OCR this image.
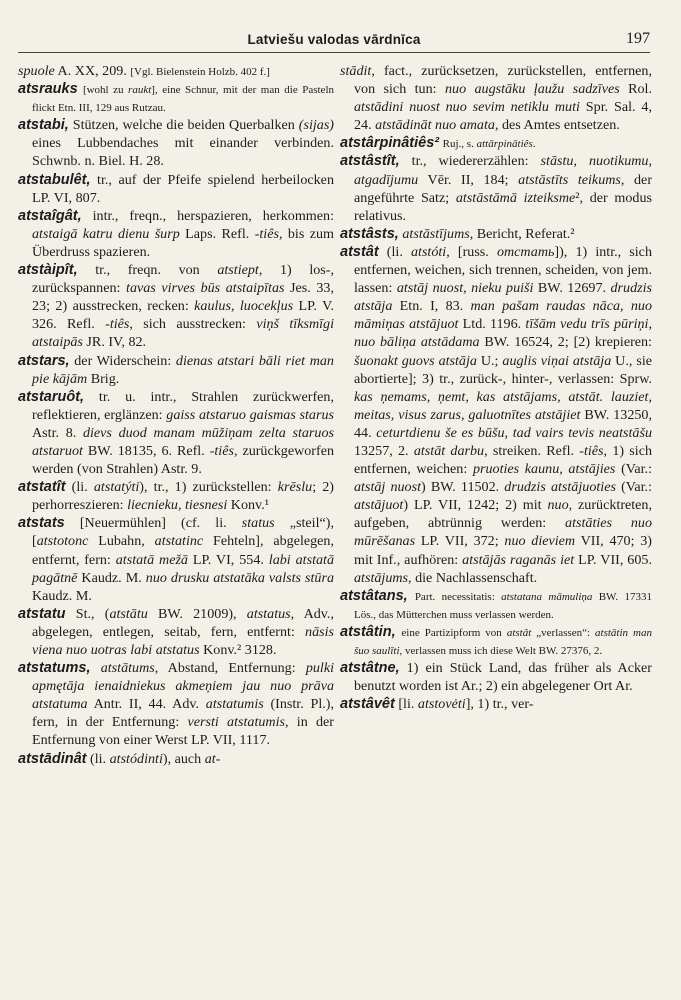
Latviešu valodas vārdnīca	197
spuole A. XX, 209. [Vgl. Bielenstein Holzb. 402 f.]
atsrauks [wohl zu raukt], eine Schnur, mit der man die Pasteln flickt Etn. III, 129 aus Rutzau.
atstabi, Stützen, welche die beiden Querbalken (sijas) eines Lubbendaches mit einander verbinden. Schwnb. n. Biel. H. 28.
atstabulêt, tr., auf der Pfeife spielend herbeilocken LP. VI, 807.
atstaîgât, intr., freqn., herspazieren, herkommen: atstaigā katru dienu šurp Laps. Refl. -tiês, bis zum Überdruss spazieren.
atstàipît, tr., freqn. von atstiept, 1) los-, zurückspannen: tavas virves būs atstaipītas Jes. 33, 23; 2) ausstrecken, recken: kaulus, luocekļus LP. V. 326. Refl. -tiês, sich ausstrecken: viņš tīksmīgi atstaipās JR. IV, 82.
atstars, der Widerschein: dienas atstari bāli riet man pie kājām Brig.
atstaruôt, tr. u. intr., Strahlen zurückwerfen, reflektieren, erglänzen: gaiss atstaruo gaismas starus Astr. 8. dievs duod manam mūžiņam zelta staruos atstaruot BW. 18135, 6. Refl. -tiês, zurückgeworfen werden (von Strahlen) Astr. 9.
atstatît (li. atstatýti), tr., 1) zurückstellen: krēslu; 2) perhorreszieren: liecnieku, tiesnesi Konv.¹
atstats [Neuermühlen] (cf. li. status „steil“), [atstotonc Lubahn, atstatinc Fehteln], abgelegen, entfernt, fern: atstatā mežā LP. VI, 554. labi atstatā pagātnē Kaudz. M. nuo drusku atstatāka valsts stūra Kaudz. M.
atstatu St., (atstātu BW. 21009), atstatus, Adv., abgelegen, entlegen, seitab, fern, entfernt: nāsis viena nuo uotras labi atstatus Konv.² 3128.
atstatums, atstātums, Abstand, Entfernung: pulki apmętāja ienaidniekus akmeņiem jau nuo prāva atstatuma Antr. II, 44. Adv. atstatumis (Instr. Pl.), fern, in der Entfernung: versti atstatumis, in der Entfernung von einer Werst LP. VII, 1117.
atstādinât (li. atstódinti), auch at-
stādit, fact., zurücksetzen, zurückstellen, entfernen, von sich tun: nuo augstāku ļaužu sadzīves Rol. atstādini nuost nuo sevim netiklu muti Spr. Sal. 4, 24. atstādināt nuo amata, des Amtes entsetzen.
atstârpinâtiês² Ruj., s. attārpinātiês.
atstâstît, tr., wiedererzählen: stāstu, nuotikumu, atgadījumu Vēr. II, 184; atstāstīts teikums, der angeführte Satz; atstāstāmā izteiksme², der modus relativus.
atstâsts, atstāstījums, Bericht, Referat.²
atstât (li. atstóti, [russ. отстать]), 1) intr., sich entfernen, weichen, sich trennen, scheiden, von jem. lassen: atstāj nuost, nieku puiši BW. 12697. drudzis atstāja Etn. I, 83. man pašam raudas nāca, nuo māmiņas atstājuot Ltd. 1196. tīšām vedu trīs pūriņi, nuo bāliņa atstādama BW. 16524, 2; [2) krepieren: šuonakt guovs atstāja U.; auglis viņai atstāja U., sie abortierte]; 3) tr., zurück-, hinter-, verlassen: Sprw. kas ņemams, ņemt, kas atstājams, atstāt. lauziet, meitas, visus zarus, galuotnītes atstājiet BW. 13250, 44. ceturtdienu še es būšu, tad vairs tevis neatstāšu 13257, 2. atstāt darbu, streiken. Refl. -tiês, 1) sich entfernen, weichen: pruoties kaunu, atstājies (Var.: atstāj nuost) BW. 11502. drudzis atstājuoties (Var.: atstājuot) LP. VII, 1242; 2) mit nuo, zurücktreten, aufgeben, abtrünnig werden: atstāties nuo mūrēšanas LP. VII, 372; nuo dieviem VII, 470; 3) mit Inf., aufhören: atstājās raganās iet LP. VII, 605. atstājums, die Nachlassenschaft.
atstâtans, Part. necessitatis: atstatana māmuliņa BW. 17331 Lös., das Mütterchen muss verlassen werden.
atstâtin, eine Partizipform von atstât „verlassen“: atstātin man šuo saulīti, verlassen muss ich diese Welt BW. 27376, 2.
atstâtne, 1) ein Stück Land, das früher als Acker benutzt worden ist Ar.; 2) ein abgelegener Ort Ar.
atstâvêt [li. atstovėti], 1) tr., ver-
